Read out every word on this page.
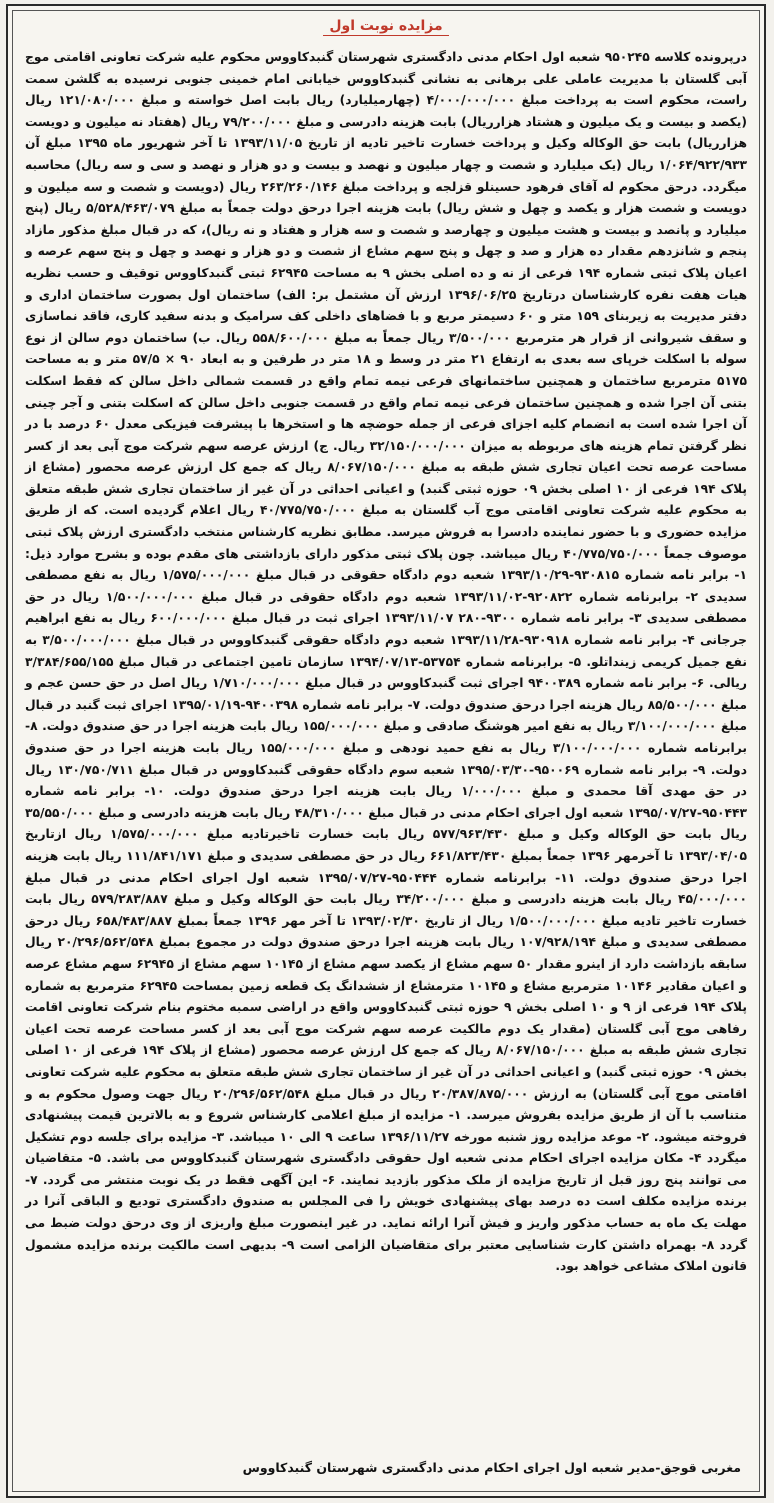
مزایده نوبت اول

درپرونده کلاسه ۹۵۰۲۴۵ شعبه اول احکام مدنی دادگستری شهرستان گنبدکاووس محکوم علیه شرکت تعاونی اقامتی موج آبی گلستان با مدیریت عاملی علی برهانی به نشانی گنبدکاووس خیابانی امام خمینی جنوبی نرسیده به گلشن سمت راست، محکوم است به پرداخت مبلغ ۴/۰۰۰/۰۰۰/۰۰۰ (چهارمیلیارد) ریال بابت اصل خواسته و مبلغ ۱۲۱/۰۸۰/۰۰۰ ریال (یکصد و بیست و یک میلیون و هشتاد هزارریال) بابت هزینه دادرسی و مبلغ ۷۹/۲۰۰/۰۰۰ ریال (هفتاد نه میلیون و دویست هزارریال) بابت حق الوکاله وکیل و پرداخت خسارت تاخیر تادیه از تاریخ ۱۳۹۳/۱۱/۰۵ تا آخر شهریور ماه ۱۳۹۵ مبلغ آن ۱/۰۶۴/۹۲۲/۹۳۳ ریال (یک میلیارد و شصت و چهار میلیون و نهصد و بیست و دو هزار و نهصد و سی و سه ریال) محاسبه میگردد. درحق محکوم له آقای فرهود حسینلو قزلجه و پرداخت مبلغ ۲۶۳/۲۶۰/۱۴۶ ریال (دویست و شصت و سه میلیون و دویست و شصت هزار و یکصد و چهل و شش ریال) بابت هزینه اجرا درحق دولت جمعاً به مبلغ ۵/۵۲۸/۴۶۳/۰۷۹ ریال (پنج میلیارد و پانصد و بیست و هشت میلیون و چهارصد و شصت و سه هزار و هفتاد و نه ریال)، که در قبال مبلغ مذکور مازاد پنجم و شانزدهم مقدار ده هزار و صد و چهل و پنج سهم مشاع از شصت و دو هزار و نهصد و چهل و پنج سهم عرصه و اعیان پلاک ثبتی شماره ۱۹۴ فرعی از نه و ده اصلی بخش ۹ به مساحت ۶۲۹۴۵ ثبتی گنبدکاووس توقیف و حسب نظریه هیات هفت نفره کارشناسان درتاریخ ۱۳۹۶/۰۶/۲۵ ارزش آن مشتمل بر: الف) ساختمان اول بصورت ساختمان اداری و دفتر مدیریت به زیربنای ۱۵۹ متر و ۶۰ دسیمتر مربع و با فضاهای داخلی کف سرامیک و بدنه سفید کاری، فاقد نماسازی و سقف شیروانی از قرار هر مترمربع ۳/۵۰۰/۰۰۰ ریال جمعاً به مبلغ ۵۵۸/۶۰۰/۰۰۰ ریال. ب) ساختمان دوم سالن از نوع سوله با اسکلت خرپای سه بعدی به ارتفاع ۲۱ متر در وسط و ۱۸ متر در طرفین و به ابعاد ۹۰ × ۵۷/۵ متر و به مساحت ۵۱۷۵ مترمربع ساختمان و همچنین ساختمانهای فرعی نیمه تمام واقع در قسمت شمالی داخل سالن که فقط اسکلت بتنی آن اجرا شده و همچنین ساختمان فرعی نیمه تمام واقع در قسمت جنوبی داخل سالن که اسکلت بتنی و آجر چینی آن اجرا شده است به انضمام کلیه اجزای فرعی از جمله حوضچه ها و استخرها با پیشرفت فیزیکی معدل ۶۰ درصد با در نظر گرفتن تمام هزینه های مربوطه به میزان ۳۲/۱۵۰/۰۰۰/۰۰۰ ریال. ج) ارزش عرصه سهم شرکت موج آبی بعد از کسر مساحت عرصه تحت اعیان تجاری شش طبقه به مبلغ ۸/۰۶۷/۱۵۰/۰۰۰ ریال که جمع کل ارزش عرصه محصور (مشاع از پلاک ۱۹۴ فرعی از ۱۰ اصلی بخش ۰۹ حوزه ثبتی گنبد) و اعیانی احداثی در آن غیر از ساختمان تجاری شش طبقه متعلق به محکوم علیه شرکت تعاونی اقامتی موج آب گلستان به مبلغ ۴۰/۷۷۵/۷۵۰/۰۰۰ ریال اعلام گردیده است. که از طریق مزایده حضوری و با حضور نماینده دادسرا به فروش میرسد. مطابق نظریه کارشناس منتخب دادگستری ارزش پلاک ثبتی موصوف جمعاً ۴۰/۷۷۵/۷۵۰/۰۰۰ ریال میباشد. چون پلاک ثبتی مذکور دارای بازداشتی های مقدم بوده و بشرح موارد ذیل: ۱- برابر نامه شماره ۹۳۰۸۱۵-۱۳۹۳/۱۰/۲۹ شعبه دوم دادگاه حقوقی در قبال مبلغ ۱/۵۷۵/۰۰۰/۰۰۰ ریال به نفع مصطفی سدیدی ۲- برابرنامه شماره ۹۲۰۸۲۲-۱۳۹۳/۱۱/۰۲ شعبه دوم دادگاه حقوقی در قبال مبلغ ۱/۵۰۰/۰۰۰/۰۰۰ ریال در حق مصطفی سدیدی ۳- برابر نامه شماره ۹۳۰۰-۲۸۰ ۱۳۹۳/۱۱/۰۷ اجرای ثبت در قبال مبلغ ۶۰۰/۰۰۰/۰۰۰ ریال به نفع ابراهیم جرجانی ۴- برابر نامه شماره ۹۳۰۹۱۸-۱۳۹۳/۱۱/۲۸ شعبه دوم دادگاه حقوقی گنبدکاووس در قبال مبلغ ۳/۵۰۰/۰۰۰/۰۰۰ به نفع جمیل کریمی زینداتلو. ۵- برابرنامه شماره ۵۳۷۵۴-۱۳۹۴/۰۷/۱۳ سازمان تامین اجتماعی در قبال مبلغ ۳/۳۸۴/۶۵۵/۱۵۵ ریالی. ۶- برابر نامه شماره ۹۴۰۰۳۸۹ اجرای ثبت گنبدکاووس در قبال مبلغ ۱/۷۱۰/۰۰۰/۰۰۰ ریال اصل در حق حسن عجم و مبلغ ۸۵/۵۰۰/۰۰۰ ریال هزینه اجرا درحق صندوق دولت. ۷- برابر نامه شماره ۹۴۰۰۳۹۸-۱۳۹۵/۰۱/۱۹ اجرای ثبت گنبد در قبال مبلغ ۳/۱۰۰/۰۰۰/۰۰۰ ریال به نفع امیر هوشنگ صادقی و مبلغ ۱۵۵/۰۰۰/۰۰۰ ریال بابت هزینه اجرا در حق صندوق دولت. ۸- برابرنامه شماره ۳/۱۰۰/۰۰۰/۰۰۰ ریال به نفع حمید نودهی و مبلغ ۱۵۵/۰۰۰/۰۰۰ ریال بابت هزینه اجرا در حق صندوق دولت. ۹- برابر نامه شماره ۹۵۰۰۶۹-۱۳۹۵/۰۳/۳۰ شعبه سوم دادگاه حقوقی گنبدکاووس در قبال مبلغ ۱۳۰/۷۵۰/۷۱۱ ریال در حق مهدی آقا محمدی و مبلغ ۱/۰۰۰/۰۰۰ ریال بابت هزینه اجرا درحق صندوق دولت. ۱۰- برابر نامه شماره ۹۵۰۴۴۳-۱۳۹۵/۰۷/۲۷ شعبه اول اجرای احکام مدنی در قبال مبلغ ۴۸/۳۱۰/۰۰۰ ریال بابت هزینه دادرسی و مبلغ ۳۵/۵۵۰/۰۰۰ ریال بابت حق الوکاله وکیل و مبلغ ۵۷۷/۹۶۳/۴۳۰ ریال بابت خسارت تاخیرتادیه مبلغ ۱/۵۷۵/۰۰۰/۰۰۰ ریال ازتاریخ ۱۳۹۳/۰۴/۰۵ تا آخرمهر ۱۳۹۶ جمعاً بمبلغ ۶۶۱/۸۲۳/۴۳۰ ریال در حق مصطفی سدیدی و مبلغ ۱۱۱/۸۴۱/۱۷۱ ریال بابت هزینه اجرا درحق صندوق دولت. ۱۱- برابرنامه شماره ۹۵۰۴۴۴-۱۳۹۵/۰۷/۲۷ شعبه اول اجرای احکام مدنی در قبال مبلغ ۴۵/۰۰۰/۰۰۰ ریال بابت هزینه دادرسی و مبلغ ۳۴/۲۰۰/۰۰۰ ریال بابت حق الوکاله وکیل و مبلغ ۵۷۹/۲۸۳/۸۸۷ ریال بابت خسارت تاخیر تادیه مبلغ ۱/۵۰۰/۰۰۰/۰۰۰ ریال از تاریخ ۱۳۹۳/۰۲/۳۰ تا آخر مهر ۱۳۹۶ جمعاً بمبلغ ۶۵۸/۴۸۳/۸۸۷ ریال درحق مصطفی سدیدی و مبلغ ۱۰۷/۹۲۸/۱۹۴ ریال بابت هزینه اجرا درحق صندوق دولت در مجموع بمبلغ ۲۰/۲۹۶/۵۶۲/۵۴۸ ریال سابقه بازداشت دارد از اینرو مقدار ۵۰ سهم مشاع از یکصد سهم مشاع از ۱۰۱۴۵ سهم مشاع از ۶۲۹۴۵ سهم مشاع عرصه و اعیان مقادیر ۱۰۱۴۶ مترمربع مشاع و ۱۰۱۴۵ مترمشاع از ششدانگ یک قطعه زمین بمساحت ۶۲۹۴۵ مترمربع به شماره پلاک ۱۹۴ فرعی از ۹ و ۱۰ اصلی بخش ۹ حوزه ثبتی گنبدکاووس واقع در اراضی سمبه مختوم بنام شرکت تعاونی اقامت رفاهی موج آبی گلستان (مقدار یک دوم مالکیت عرصه سهم شرکت موج آبی بعد از کسر مساحت عرصه تحت اعیان تجاری شش طبقه به مبلغ ۸/۰۶۷/۱۵۰/۰۰۰ ریال که جمع کل ارزش عرصه محصور (مشاع از پلاک ۱۹۴ فرعی از ۱۰ اصلی بخش ۰۹ حوزه ثبتی گنبد) و اعیانی احداثی در آن غیر از ساختمان تجاری شش طبقه متعلق به محکوم علیه شرکت تعاونی اقامتی موج آبی گلستان) به ارزش ۲۰/۳۸۷/۸۷۵/۰۰۰ ریال در قبال مبلغ ۲۰/۲۹۶/۵۶۲/۵۴۸ ریال جهت وصول محکوم به و متناسب با آن از طریق مزایده بفروش میرسد. ۱- مزایده از مبلغ اعلامی کارشناس شروع و به بالاترین قیمت پیشنهادی فروخته میشود. ۲- موعد مزایده روز شنبه مورخه ۱۳۹۶/۱۱/۲۷ ساعت ۹ الی ۱۰ میباشد. ۳- مزایده برای جلسه دوم تشکیل میگردد ۴- مکان مزایده اجرای احکام مدنی شعبه اول حقوقی دادگستری شهرستان گنبدکاووس می باشد. ۵- متقاضیان می توانند پنج روز قبل از تاریخ مزایده از ملک مذکور بازدید نمایند. ۶- این آگهی فقط در یک نوبت منتشر می گردد. ۷- برنده مزایده مکلف است ده درصد بهای پیشنهادی خویش را فی المجلس به صندوق دادگستری تودیع و الباقی آنرا در مهلت یک ماه به حساب مذکور واریز و فیش آنرا ارائه نماید. در غیر اینصورت مبلغ واریزی از وی درحق دولت ضبط می گردد ۸- بهمراه داشتن کارت شناسایی معتبر برای متقاضیان الزامی است ۹- بدیهی است مالکیت برنده مزایده مشمول قانون املاک مشاعی خواهد بود.

مغربی قوجق-مدیر شعبه اول اجرای احکام مدنی دادگستری شهرستان گنبدکاووس
